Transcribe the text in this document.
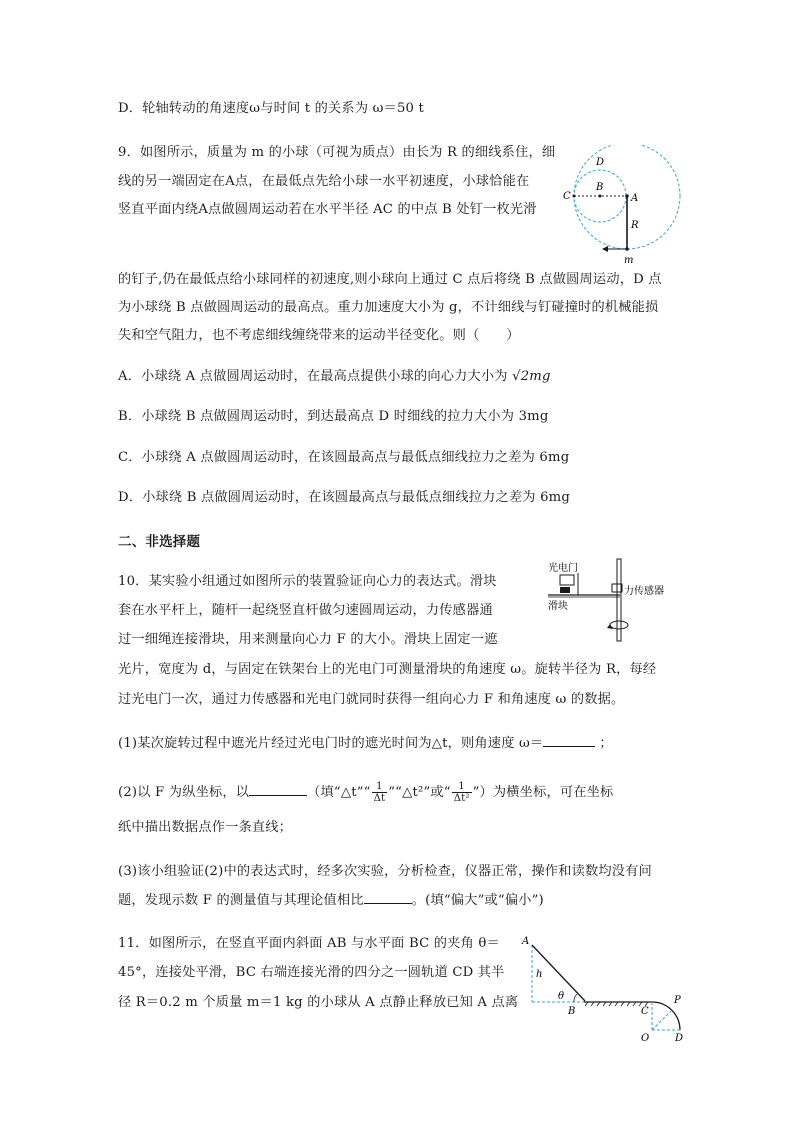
D．轮轴转动的角速度ω与时间 t 的关系为 ω＝50 t
9．如图所示，质量为 m 的小球（可视为质点）由长为 R 的细线系住，细
线的另一端固定在A点，在最低点先给小球一水平初速度，小球恰能在
竖直平面内绕A点做圆周运动若在水平半径 AC 的中点 B 处钉一枚光滑
的钉子,仍在最低点给小球同样的初速度,则小球向上通过 C 点后将绕 B 点做圆周运动，D 点
为小球绕 B 点做圆周运动的最高点。重力加速度大小为 g，不计细线与钉碰撞时的机械能损
失和空气阻力，也不考虑细线缠绕带来的运动半径变化。则（　　）
A．小球绕 A 点做圆周运动时，在最高点提供小球的向心力大小为 √2mg
B．小球绕 B 点做圆周运动时，到达最高点 D 时细线的拉力大小为 3mg
C．小球绕 A 点做圆周运动时，在该圆最高点与最低点细线拉力之差为 6mg
D．小球绕 B 点做圆周运动时，在该圆最高点与最低点细线拉力之差为 6mg
二、非选择题
10．某实验小组通过如图所示的装置验证向心力的表达式。滑块
套在水平杆上，随杆一起绕竖直杆做匀速圆周运动，力传感器通
过一细绳连接滑块，用来测量向心力 F 的大小。滑块上固定一遮
光片，宽度为 d，与固定在铁架台上的光电门可测量滑块的角速度 ω。旋转半径为 R，每经
过光电门一次，通过力传感器和光电门就同时获得一组向心力 F 和角速度 ω 的数据。
(1)某次旋转过程中遮光片经过光电门时的遮光时间为△t，则角速度 ω＝	；
(2)以 F 为纵坐标，以	（填“△t”“ $\frac{1}{\Delta t}$ ”“△t²”或“ $\frac{1}{\text{Δt²}}$ ”）为横坐标，可在坐标
纸中描出数据点作一条直线；
(3)该小组验证(2)中的表达式时，经多次实验，分析检查，仪器正常，操作和读数均没有问
题，发现示数 F 的测量值与其理论值相比	。(填“偏大”或“偏小”)
11．如图所示，在竖直平面内斜面 AB 与水平面 BC 的夹角 θ＝
45°，连接处平滑，BC 右端连接光滑的四分之一圆轨道 CD 其半
径 R＝0.2 m 个质量 m＝1 kg 的小球从 A 点静止释放已知 A 点离
D
C
B
A
R
m
光电门
力传感器
滑块
A
h
θ
B	C
P
O	D
